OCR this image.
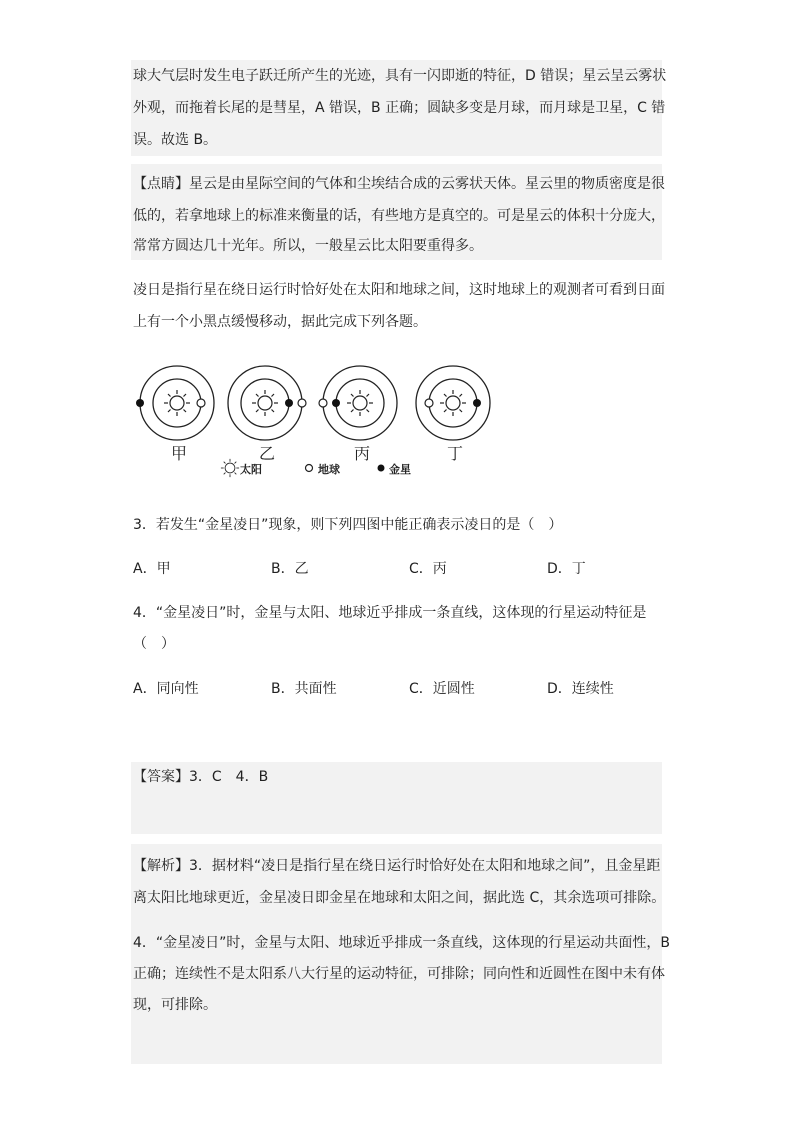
球大气层时发生电子跃迁所产生的光迹，具有一闪即逝的特征，D 错误；星云呈云雾状
外观，而拖着长尾的是彗星，A 错误，B 正确；圆缺多变是月球，而月球是卫星，C 错
误。故选 B。
【点睛】星云是由星际空间的气体和尘埃结合成的云雾状天体。星云里的物质密度是很
低的，若拿地球上的标准来衡量的话，有些地方是真空的。可是星云的体积十分庞大，
常常方圆达几十光年。所以，一般星云比太阳要重得多。
凌日是指行星在绕日运行时恰好处在太阳和地球之间，这时地球上的观测者可看到日面
上有一个小黑点缓慢移动，据此完成下列各题。
甲	乙	丙	丁
太阳	地球	金星
3．若发生“金星凌日”现象，则下列四图中能正确表示凌日的是（　）
A．甲	B．乙	C．丙	D．丁
4．“金星凌日”时，金星与太阳、地球近乎排成一条直线，这体现的行星运动特征是
（　）
A．同向性	B．共面性	C．近圆性	D．连续性
【答案】3．C　4．B
【解析】3．据材料“凌日是指行星在绕日运行时恰好处在太阳和地球之间”，且金星距
离太阳比地球更近，金星凌日即金星在地球和太阳之间，据此选 C，其余选项可排除。
4．“金星凌日”时，金星与太阳、地球近乎排成一条直线，这体现的行星运动共面性，B
正确；连续性不是太阳系八大行星的运动特征，可排除；同向性和近圆性在图中未有体
现，可排除。
